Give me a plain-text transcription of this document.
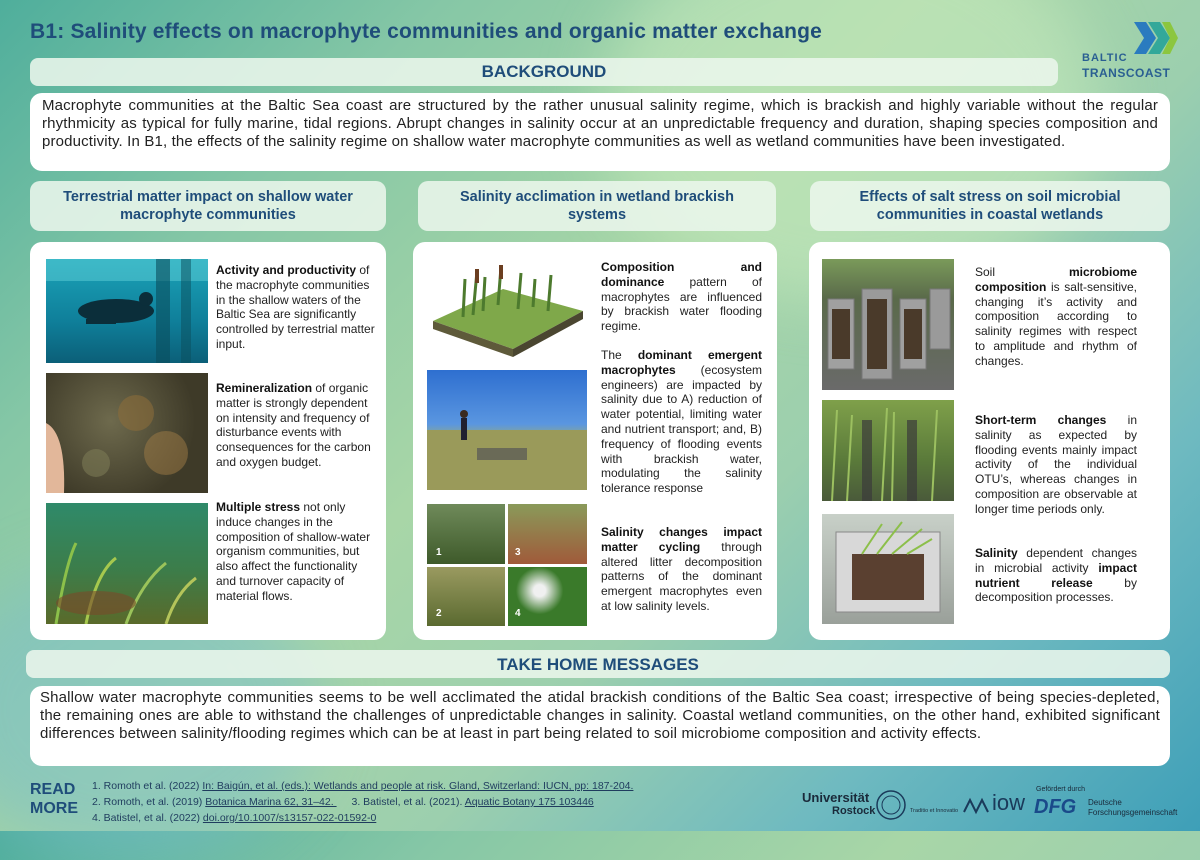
B1: Salinity effects on macrophyte communities and organic matter exchange
BALTIC
TRANSCOAST
BACKGROUND
Macrophyte communities at the Baltic Sea coast are structured by the rather unusual salinity regime, which is brackish and highly variable without the regular rhythmicity as typical for fully marine, tidal regions. Abrupt changes in salinity occur at an unpredictable frequency and duration, shaping species composition and productivity. In B1, the effects of the salinity regime on shallow water macrophyte communities as well as wetland communities have been investigated.
Terrestrial matter impact on shallow water macrophyte communities
Salinity acclimation in wetland brackish systems
Effects of salt stress on soil microbial communities in coastal wetlands
Activity and productivity of the macrophyte communities in the shallow waters of the Baltic Sea are significantly controlled by terrestrial matter input.
Remineralization of organic matter is strongly dependent on intensity and frequency of disturbance events with consequences for the carbon and oxygen budget.
Multiple stress not only induce changes in the composition of shallow-water organism communities, but also affect the functionality and turnover capacity of material flows.
1	3
2	4
Composition and dominance pattern of macrophytes are influenced by brackish water flooding regime.
The dominant emergent macrophytes (ecosystem engineers) are impacted by salinity due to A) reduction of water potential, limiting water and nutrient transport; and, B) frequency of flooding events with brackish water, modulating the salinity tolerance response
Salinity changes impact matter cycling through altered litter decomposition patterns of the dominant emergent macrophytes even at low salinity levels.
Soil microbiome composition is salt-sensitive, changing it’s activity and composition according to salinity regimes with respect to amplitude and rhythm of changes.
Short-term changes in salinity as expected by flooding events mainly impact activity of the individual OTU’s, whereas changes in composition are observable at longer time periods only.
Salinity dependent changes in microbial activity impact nutrient release by decomposition processes.
TAKE HOME MESSAGES
Shallow water macrophyte communities seems to be well acclimated the atidal brackish conditions of the Baltic Sea coast; irrespective of being species-depleted, the remaining ones are able to withstand the challenges of unpredictable changes in salinity. Coastal wetland communities, on the other hand, exhibited significant differences between salinity/flooding regimes which can be at least in part being related to soil microbiome composition and activity effects.
READ
MORE
1. Romoth et al. (2022) In: Baigún, et al. (eds.): Wetlands and people at risk. Gland, Switzerland: IUCN, pp: 187-204.
2. Romoth, et al. (2019) Botanica Marina 62, 31–42.  3. Batistel, et al. (2021). Aquatic Botany 175 103446
4. Batistel, et al. (2022) doi.org/10.1007/s13157-022-01592-0
Universität
Rostock	Traditio et Innovatio iow
Gefördert durch
DFG Deutsche
Forschungsgemeinschaft
